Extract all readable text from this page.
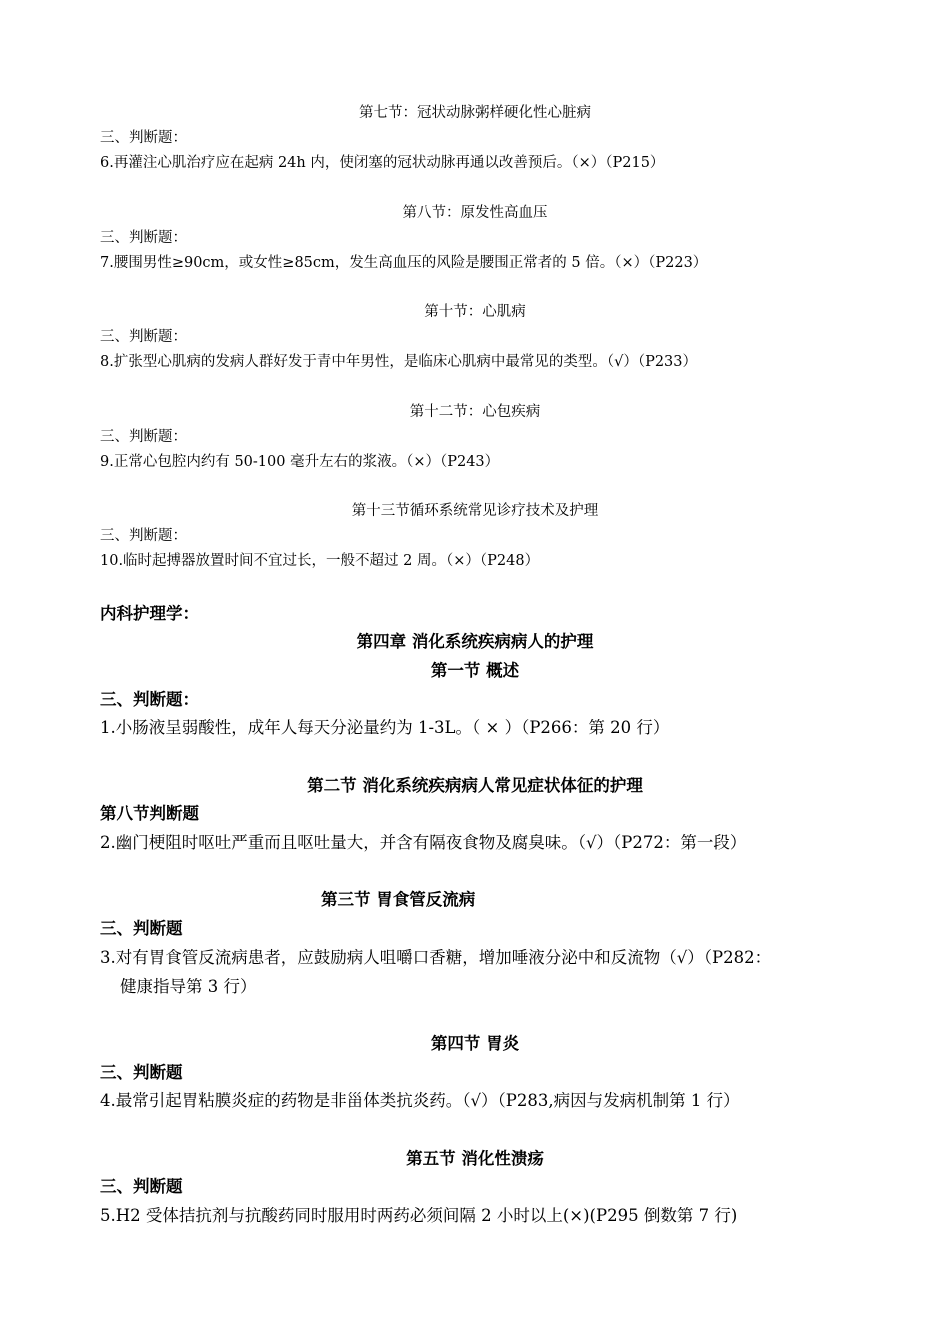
第七节：冠状动脉粥样硬化性心脏病

三、判断题：

6.再灌注心肌治疗应在起病 24h 内，使闭塞的冠状动脉再通以改善预后。（×）（P215）

第八节：原发性高血压

三、判断题：

7.腰围男性≥90cm，或女性≥85cm，发生高血压的风险是腰围正常者的 5 倍。（×）（P223）

第十节：心肌病

三、判断题：

8.扩张型心肌病的发病人群好发于青中年男性，是临床心肌病中最常见的类型。（√）（P233）

第十二节：心包疾病

三、判断题：

9.正常心包腔内约有 50-100 毫升左右的浆液。（×）（P243）

第十三节循环系统常见诊疗技术及护理

三、判断题：

10.临时起搏器放置时间不宜过长，一般不超过 2 周。（×）（P248）

内科护理学：

第四章 消化系统疾病病人的护理

第一节 概述

三、判断题：

1.小肠液呈弱酸性，成年人每天分泌量约为 1-3L。（ × ）（P266：第 20 行）

第二节 消化系统疾病病人常见症状体征的护理

第八节判断题

2.幽门梗阻时呕吐严重而且呕吐量大，并含有隔夜食物及腐臭味。（√）（P272：第一段）

第三节 胃食管反流病

三、判断题

3.对有胃食管反流病患者，应鼓励病人咀嚼口香糖，增加唾液分泌中和反流物（√）（P282：

健康指导第 3 行）

第四节 胃炎

三、判断题

4.最常引起胃粘膜炎症的药物是非甾体类抗炎药。（√）（P283,病因与发病机制第 1 行）

第五节 消化性溃疡

三、判断题

5.H2 受体拮抗剂与抗酸药同时服用时两药必须间隔 2 小时以上(×)(P295 倒数第 7 行)
